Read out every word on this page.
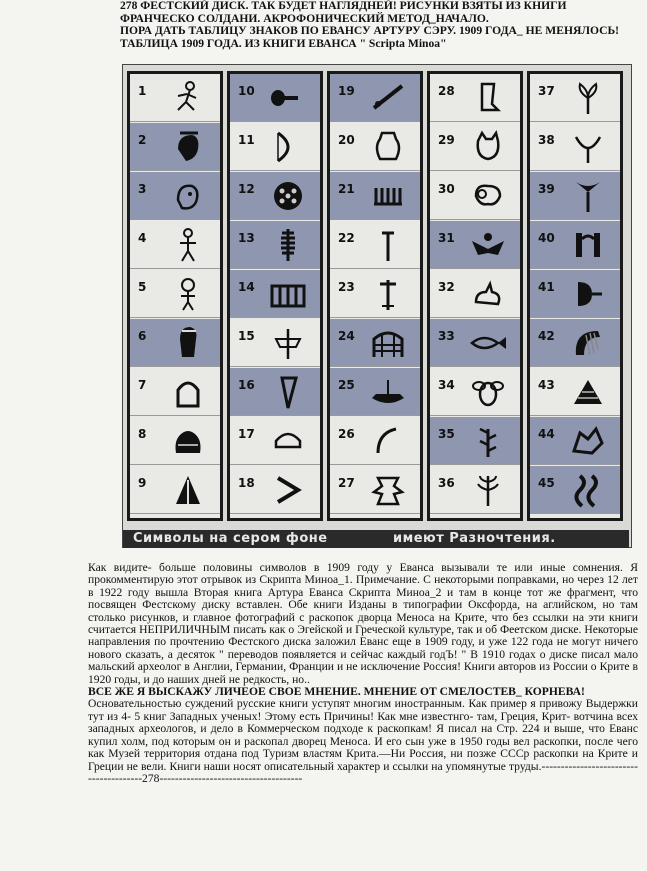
278 ФЕСТСКИЙ ДИСК. ТАК БУДЕТ НАГЛЯДНЕЙ! РИСУНКИ ВЗЯТЫ ИЗ КНИГИ

ФРАНЧЕСКО СОЛДАНИ. АКРОФОНИЧЕСКИЙ МЕТОД_НАЧАЛО.

ПОРА ДАТЬ ТАБЛИЦУ ЗНАКОВ ПО ЕВАНСУ АРТУРУ СЭРУ. 1909 ГОДА_ НЕ МЕНЯЛОСЬ!

ТАБЛИЦА 1909 ГОДА. ИЗ КНИГИ ЕВАНСА " Scripta Minoa"

1
2
3
4
5
6
7
8
9
10
11
12
13
14
15
16
17
18
19
20
21
22
23
24
25
26
27
28
29
30
31
32
33
34
35
36
37
38
39
40
41
42
43
44
45
Символы на сером фоне	имеют Разночтения.

Как видите- больше половины символов в 1909 году у Еванса вызывали те или иные сомнения. Я прокомментирую этот отрывок из Скрипта Миноа_1. Примечание. С некоторыми поправками, но через 12 лет в 1922 году вышла Вторая книга Артура Еванса Скрипта Миноа_2 и там в конце тот же фрагмент, что посвящен Фестскому диску вставлен. Обе книги Изданы в типографии Оксфорда, на аглийском, но там столько рисунков, и главное фотографий с раскопок дворца Меноса на Крите, что без ссылки на эти книги считается НЕПРИЛИЧНЫМ писать как о Эгейской и Греческой культуре, так и об Феетском диске. Некоторые направления по прочтению Фестского диска заложил Еванс еще в 1909 году, и уже 122 года не могут ничего нового сказать, а десяток " переводов появляется и сейчас каждый годЪ! " В 1910 годах о диске писал мало мальский археолог в Англии, Германии, Франции и не исключение Россия! Книги авторов из России о Крите в 1920 годы, и до наших дней не редкость, но..

ВСЕ ЖЕ Я ВЫСКАЖУ ЛИЧЕОЕ СВОЕ МНЕНИЕ. МНЕНИЕ ОТ СМЕЛОСТЕВ_ КОРНЕВА!

Основательностью суждений русские книги уступят многим иностранным. Как пример я привожу Выдержки тут из 4- 5 книг Западных ученых! Этому есть Причины! Как мне известнго- там, Греция, Крит- вотчина всех западных археологов, и дело в Коммерческом подходе к раскопкам! Я писал на Стр. 224 и выше, что Еванс купил холм, под которым он и раскопал дворец Меноса. И его сын уже в 1950 годы вел раскопки, после чего как Музей территория отдана под Туризм властям Крита.—Ни Россия, ни позже СССр раскопки на Крите и Греции не вели. Книги наши носят описательный характер и ссылки на упомянутые труды.---------------------------------------278-------------------------------------
